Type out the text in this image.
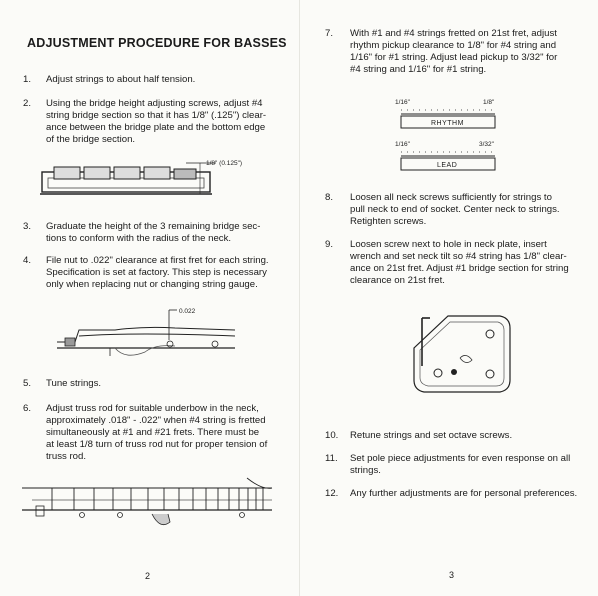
ADJUSTMENT PROCEDURE FOR BASSES
1. Adjust strings to about half tension.
2. Using the bridge height adjusting screws, adjust #4
string bridge section so that it has 1/8" (.125") clear-
ance between the bridge plate and the bottom edge
of the bridge section.
1/8" (0.125")
3. Graduate the height of the 3 remaining bridge sec-
tions to conform with the radius of the neck.
4. File nut to .022" clearance at first fret for each string.
Specification is set at factory. This step is necessary
only when replacing nut or changing string gauge.
0.022
5. Tune strings.
6. Adjust truss rod for suitable underbow in the neck,
approximately .018" - .022" when #4 string is fretted
simultaneously at #1 and #21 frets. There must be
at least 1/8 turn of truss rod nut for proper tension of
truss rod.
2
7. With #1 and #4 strings fretted on 21st fret, adjust
rhythm pickup clearance to 1/8" for #4 string and
1/16" for #1 string. Adjust lead pickup to 3/32" for
#4 string and 1/16" for #1 string.
1/16"	1/8"
RHYTHM
1/16"	3/32"
LEAD
8. Loosen all neck screws sufficiently for strings to
pull neck to end of socket. Center neck to strings.
Retighten screws.
9. Loosen screw next to hole in neck plate, insert
wrench and set neck tilt so #4 string has 1/8" clear-
ance on 21st fret. Adjust #1 bridge section for string
clearance on 21st fret.
10. Retune strings and set octave screws.
11. Set pole piece adjustments for even response on all
strings.
12. Any further adjustments are for personal preferences.
3
